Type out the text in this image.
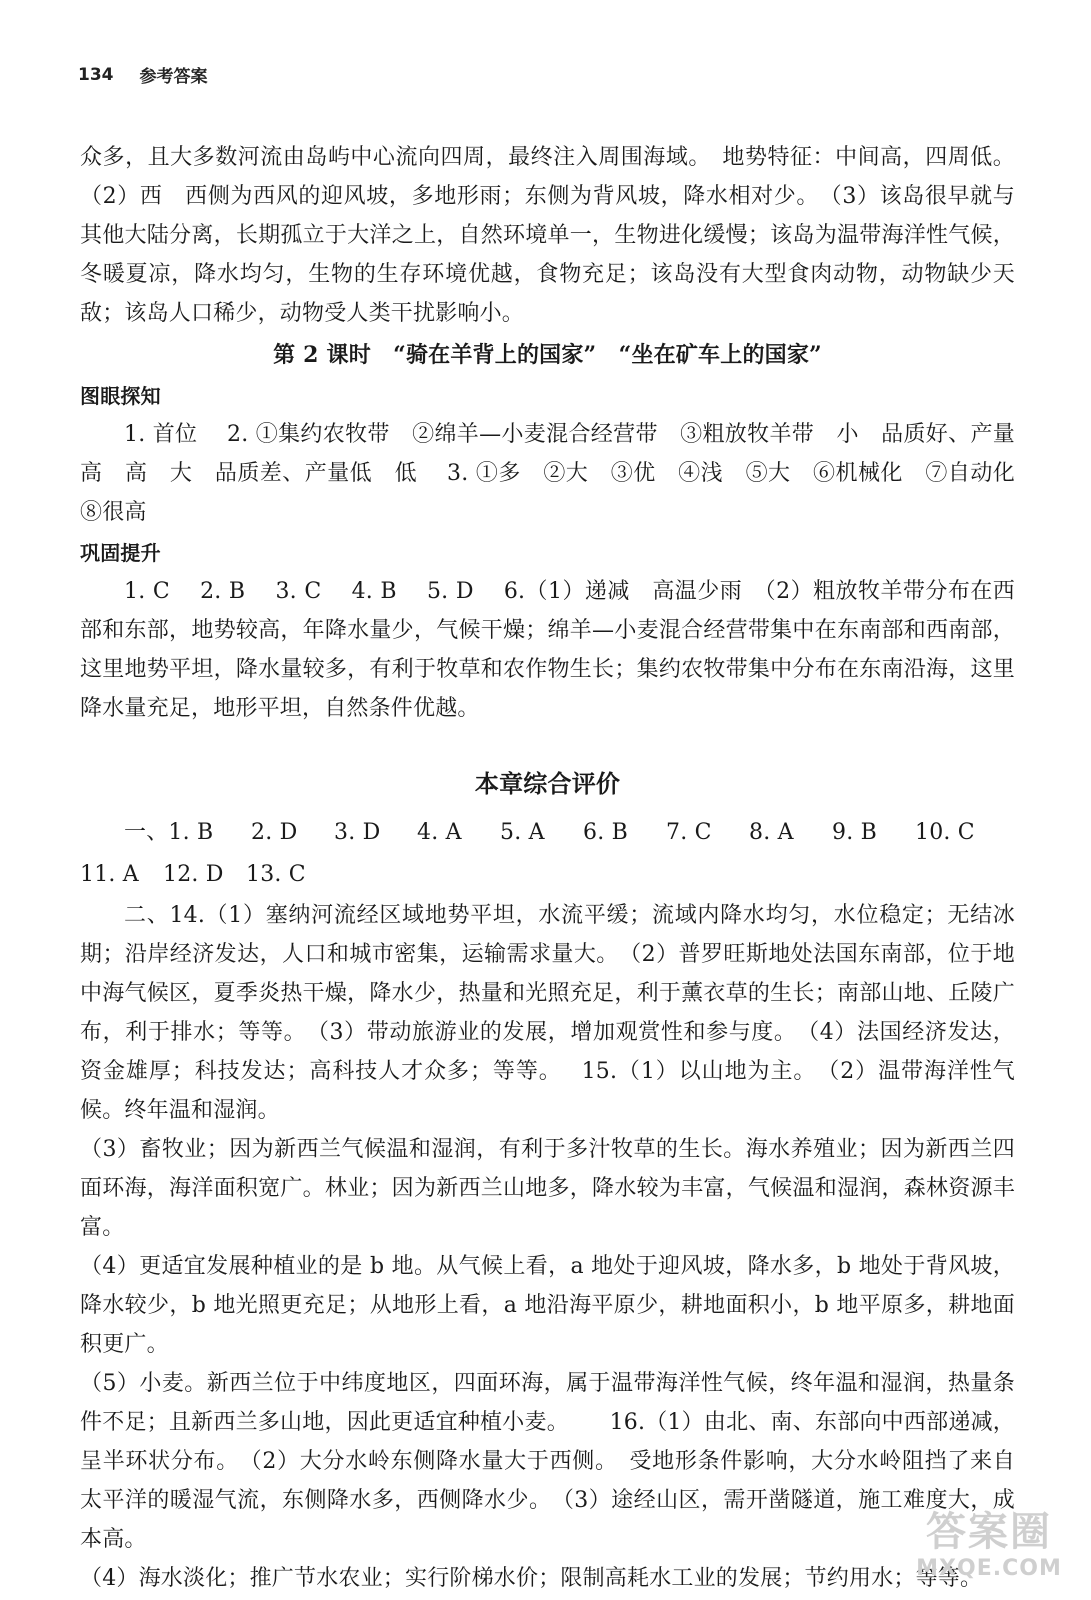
134 参考答案

众多，且大多数河流由岛屿中心流向四周，最终注入周围海域。　地势特征：中间高，四周低。（2）西　西侧为西风的迎风坡，多地形雨；东侧为背风坡，降水相对少。　（3）该岛很早就与其他大陆分离，长期孤立于大洋之上，自然环境单一，生物进化缓慢；该岛为温带海洋性气候，冬暖夏凉，降水均匀，生物的生存环境优越，食物充足；该岛没有大型食肉动物，动物缺少天敌；该岛人口稀少，动物受人类干扰影响小。

第 2 课时　“骑在羊背上的国家”　“坐在矿车上的国家”
图眼探知

1. 首位　 2. ①集约农牧带　②绵羊—小麦混合经营带　③粗放牧羊带　小　品质好、产量高　高　大　品质差、产量低　低　 3. ①多　②大　③优　④浅　⑤大　⑥机械化　⑦自动化　⑧很高

巩固提升

1. C　 2. B　 3. C　 4. B　 5. D　 6.（1）递减　高温少雨　（2）粗放牧羊带分布在西部和东部，地势较高，年降水量少，气候干燥；绵羊—小麦混合经营带集中在东南部和西南部，这里地势平坦，降水量较多，有利于牧草和农作物生长；集约农牧带集中分布在东南沿海，这里降水量充足，地形平坦，自然条件优越。

本章综合评价
一、1. B	2. D	3. D	4. A	5. A	6. B	7. C	8. A	9. B	10. C
11. A	12. D	13. C

二、14.（1）塞纳河流经区域地势平坦，水流平缓；流域内降水均匀，水位稳定；无结冰期；沿岸经济发达，人口和城市密集，运输需求量大。　（2）普罗旺斯地处法国东南部，位于地中海气候区，夏季炎热干燥，降水少，热量和光照充足，利于薰衣草的生长；南部山地、丘陵广布，利于排水；等等。　（3）带动旅游业的发展，增加观赏性和参与度。　（4）法国经济发达，资金雄厚；科技发达；高科技人才众多；等等。　 15.（1）以山地为主。　（2）温带海洋性气候。终年温和湿润。

（3）畜牧业；因为新西兰气候温和湿润，有利于多汁牧草的生长。海水养殖业；因为新西兰四面环海，海洋面积宽广。林业；因为新西兰山地多，降水较为丰富，气候温和湿润，森林资源丰富。

（4）更适宜发展种植业的是 b 地。从气候上看，a 地处于迎风坡，降水多，b 地处于背风坡，降水较少，b 地光照更充足；从地形上看，a 地沿海平原少，耕地面积小，b 地平原多，耕地面积更广。

（5）小麦。新西兰位于中纬度地区，四面环海，属于温带海洋性气候，终年温和湿润，热量条件不足；且新西兰多山地，因此更适宜种植小麦。　　 16.（1）由北、南、东部向中西部递减，呈半环状分布。　（2）大分水岭东侧降水量大于西侧。　受地形条件影响，大分水岭阻挡了来自太平洋的暖湿气流，东侧降水多，西侧降水少。　（3）途经山区，需开凿隧道，施工难度大，成本高。

（4）海水淡化；推广节水农业；实行阶梯水价；限制高耗水工业的发展；节约用水；等等。

答案圈
MXQE.COM
